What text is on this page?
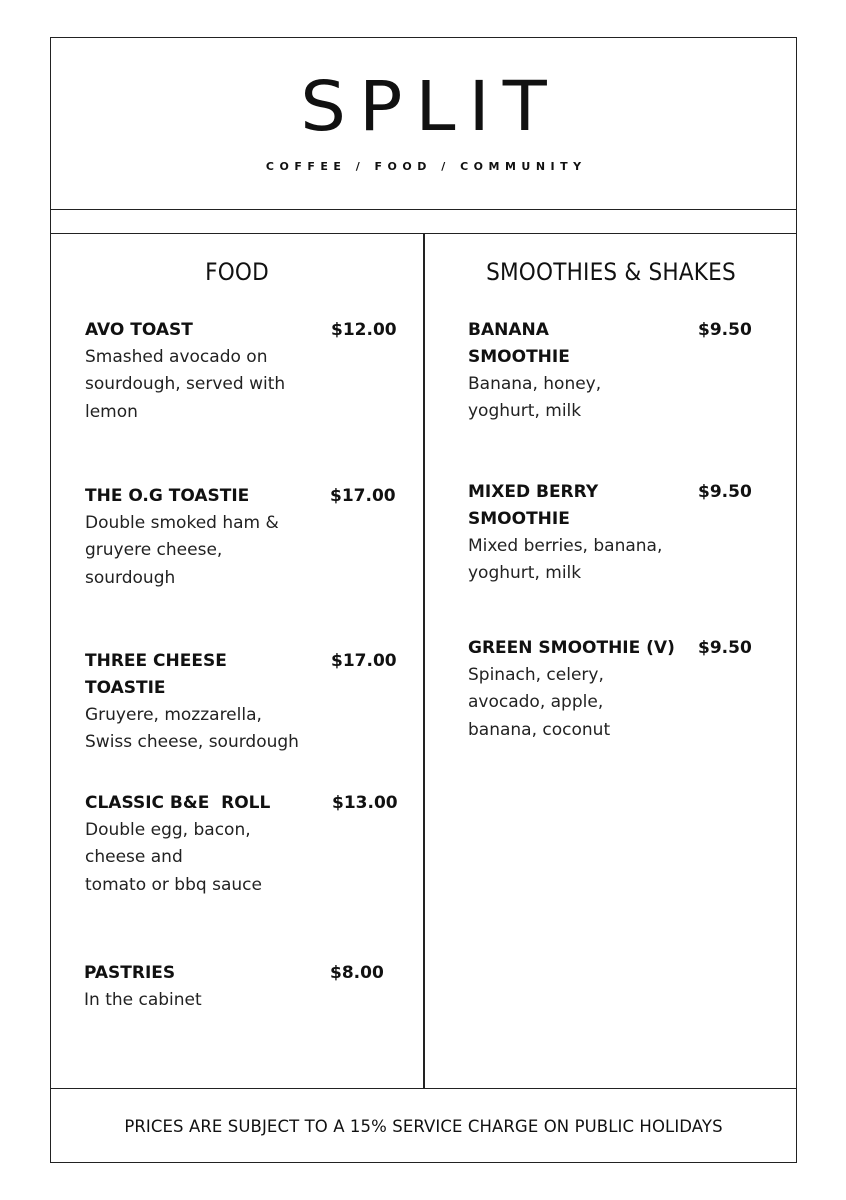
SPLIT
COFFEE / FOOD / COMMUNITY
FOOD
AVO TOAST	$12.00
Smashed avocado on
sourdough, served with
lemon
THE O.G TOASTIE	$17.00
Double smoked ham &
gruyere cheese,
sourdough
THREE CHEESE
TOASTIE
$17.00
Gruyere, mozzarella,
Swiss cheese, sourdough
CLASSIC B&E  ROLL	$13.00
Double egg, bacon,
cheese and
tomato or bbq sauce
PASTRIES	$8.00
In the cabinet
SMOOTHIES & SHAKES
BANANA
SMOOTHIE
$9.50
Banana, honey,
yoghurt, milk
MIXED BERRY
SMOOTHIE
$9.50
Mixed berries, banana,
yoghurt, milk
GREEN SMOOTHIE (V)	$9.50
Spinach, celery,
avocado, apple,
banana, coconut
PRICES ARE SUBJECT TO A 15% SERVICE CHARGE ON PUBLIC HOLIDAYS
